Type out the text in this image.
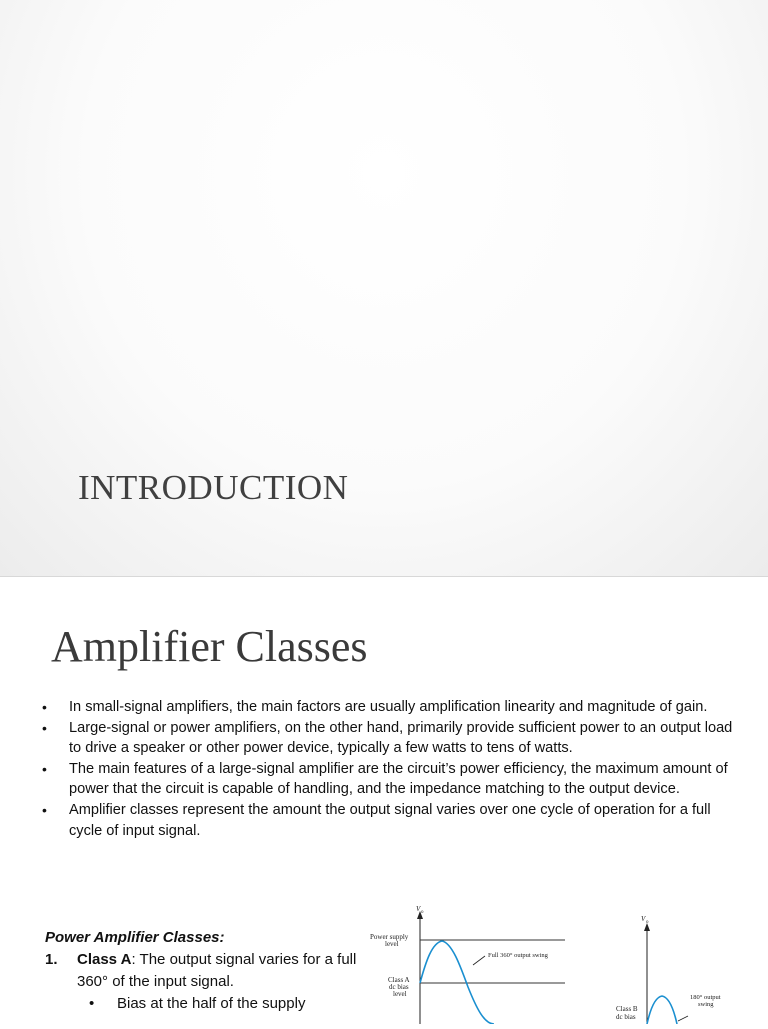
INTRODUCTION
Amplifier Classes
• In small-signal amplifiers, the main factors are usually amplification linearity and magnitude of gain.
• Large-signal or power amplifiers, on the other hand, primarily provide sufficient power to an output load to drive a speaker or other power device, typically a few watts to tens of watts.
• The main features of a large-signal amplifier are the circuit’s power efficiency, the maximum amount of power that the circuit is capable of handling, and the impedance matching to the output device.
• Amplifier classes represent the amount the output signal varies over one cycle of operation for a full cycle of input signal.
Power Amplifier Classes:
1. Class A: The output signal varies for a full 360° of the input signal.
• Bias at the half of the supply
V o
Power supply
level
Class A
dc bias
level
Full 360° output swing
V o
Class B
dc bias
180° output
swing
